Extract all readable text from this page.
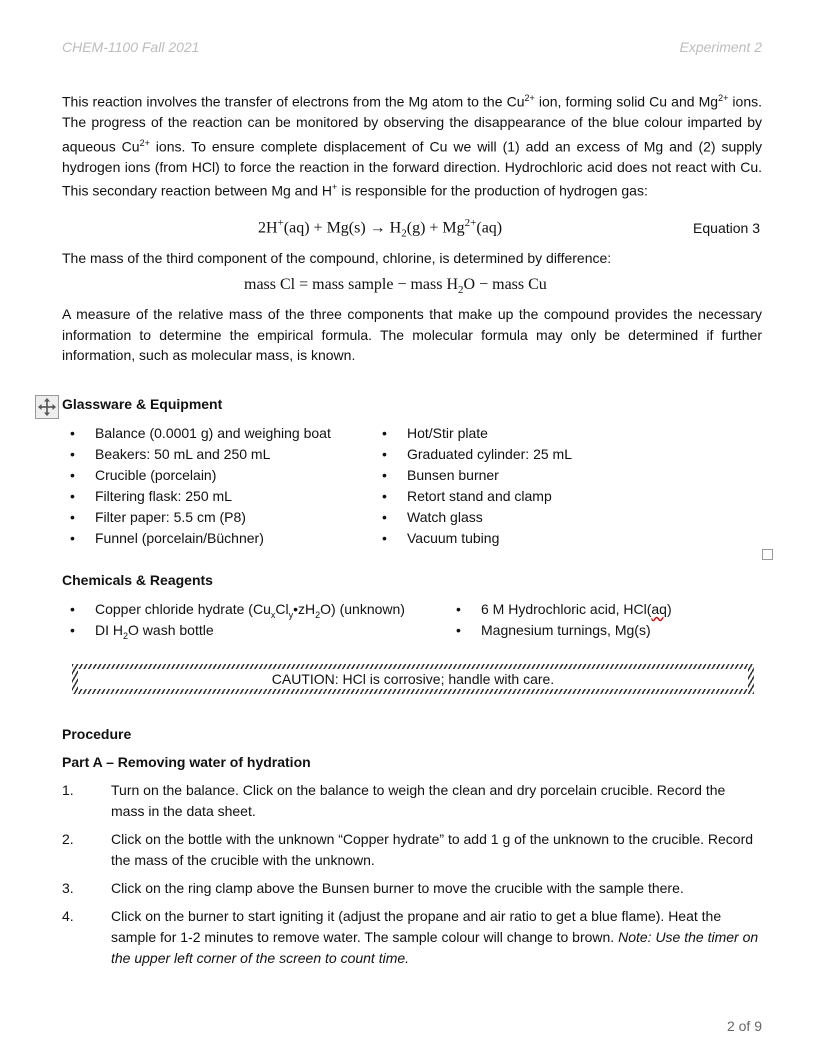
CHEM-1100 Fall 2021	Experiment 2
This reaction involves the transfer of electrons from the Mg atom to the $Cu^{2+}$ ion, forming solid Cu and $Mg^{2+}$ ions. The progress of the reaction can be monitored by observing the disappearance of the blue colour imparted by aqueous $Cu^{2+}$ ions. To ensure complete displacement of Cu we will (1) add an excess of Mg and (2) supply hydrogen ions (from HCl) to force the reaction in the forward direction. Hydrochloric acid does not react with Cu. This secondary reaction between Mg and H+ is responsible for the production of hydrogen gas:
$2H^+(aq) + Mg(s) \to H_2(g) + Mg^{2+}(aq)$	Equation 3
The mass of the third component of the compound, chlorine, is determined by difference:
mass Cl = mass sample − mass $H_2O$ − mass Cu
A measure of the relative mass of the three components that make up the compound provides the necessary information to determine the empirical formula. The molecular formula may only be determined if further information, such as molecular mass, is known.
Glassware & Equipment
• Balance (0.0001 g) and weighing boat
• Beakers: 50 mL and 250 mL
• Crucible (porcelain)
• Filtering flask: 250 mL
• Filter paper: 5.5 cm (P8)
• Funnel (porcelain/Büchner)
• Hot/Stir plate
• Graduated cylinder: 25 mL
• Bunsen burner
• Retort stand and clamp
• Watch glass
• Vacuum tubing
Chemicals & Reagents
• Copper chloride hydrate $(Cu_xCl_y•zH_2O)$ (unknown)
• DI $H_2O$ wash bottle
• 6 M Hydrochloric acid, HCl(aq)
• Magnesium turnings, Mg(s)
CAUTION: HCl is corrosive; handle with care.
Procedure
Part A – Removing water of hydration
1.	Turn on the balance. Click on the balance to weigh the clean and dry porcelain crucible. Record the mass in the data sheet.
2.	Click on the bottle with the unknown “Copper hydrate” to add 1 g of the unknown to the crucible. Record the mass of the crucible with the unknown.
3.	Click on the ring clamp above the Bunsen burner to move the crucible with the sample there.
4.	Click on the burner to start igniting it (adjust the propane and air ratio to get a blue flame). Heat the sample for 1-2 minutes to remove water. The sample colour will change to brown. Note: Use the timer on the upper left corner of the screen to count time.
2 of 9
